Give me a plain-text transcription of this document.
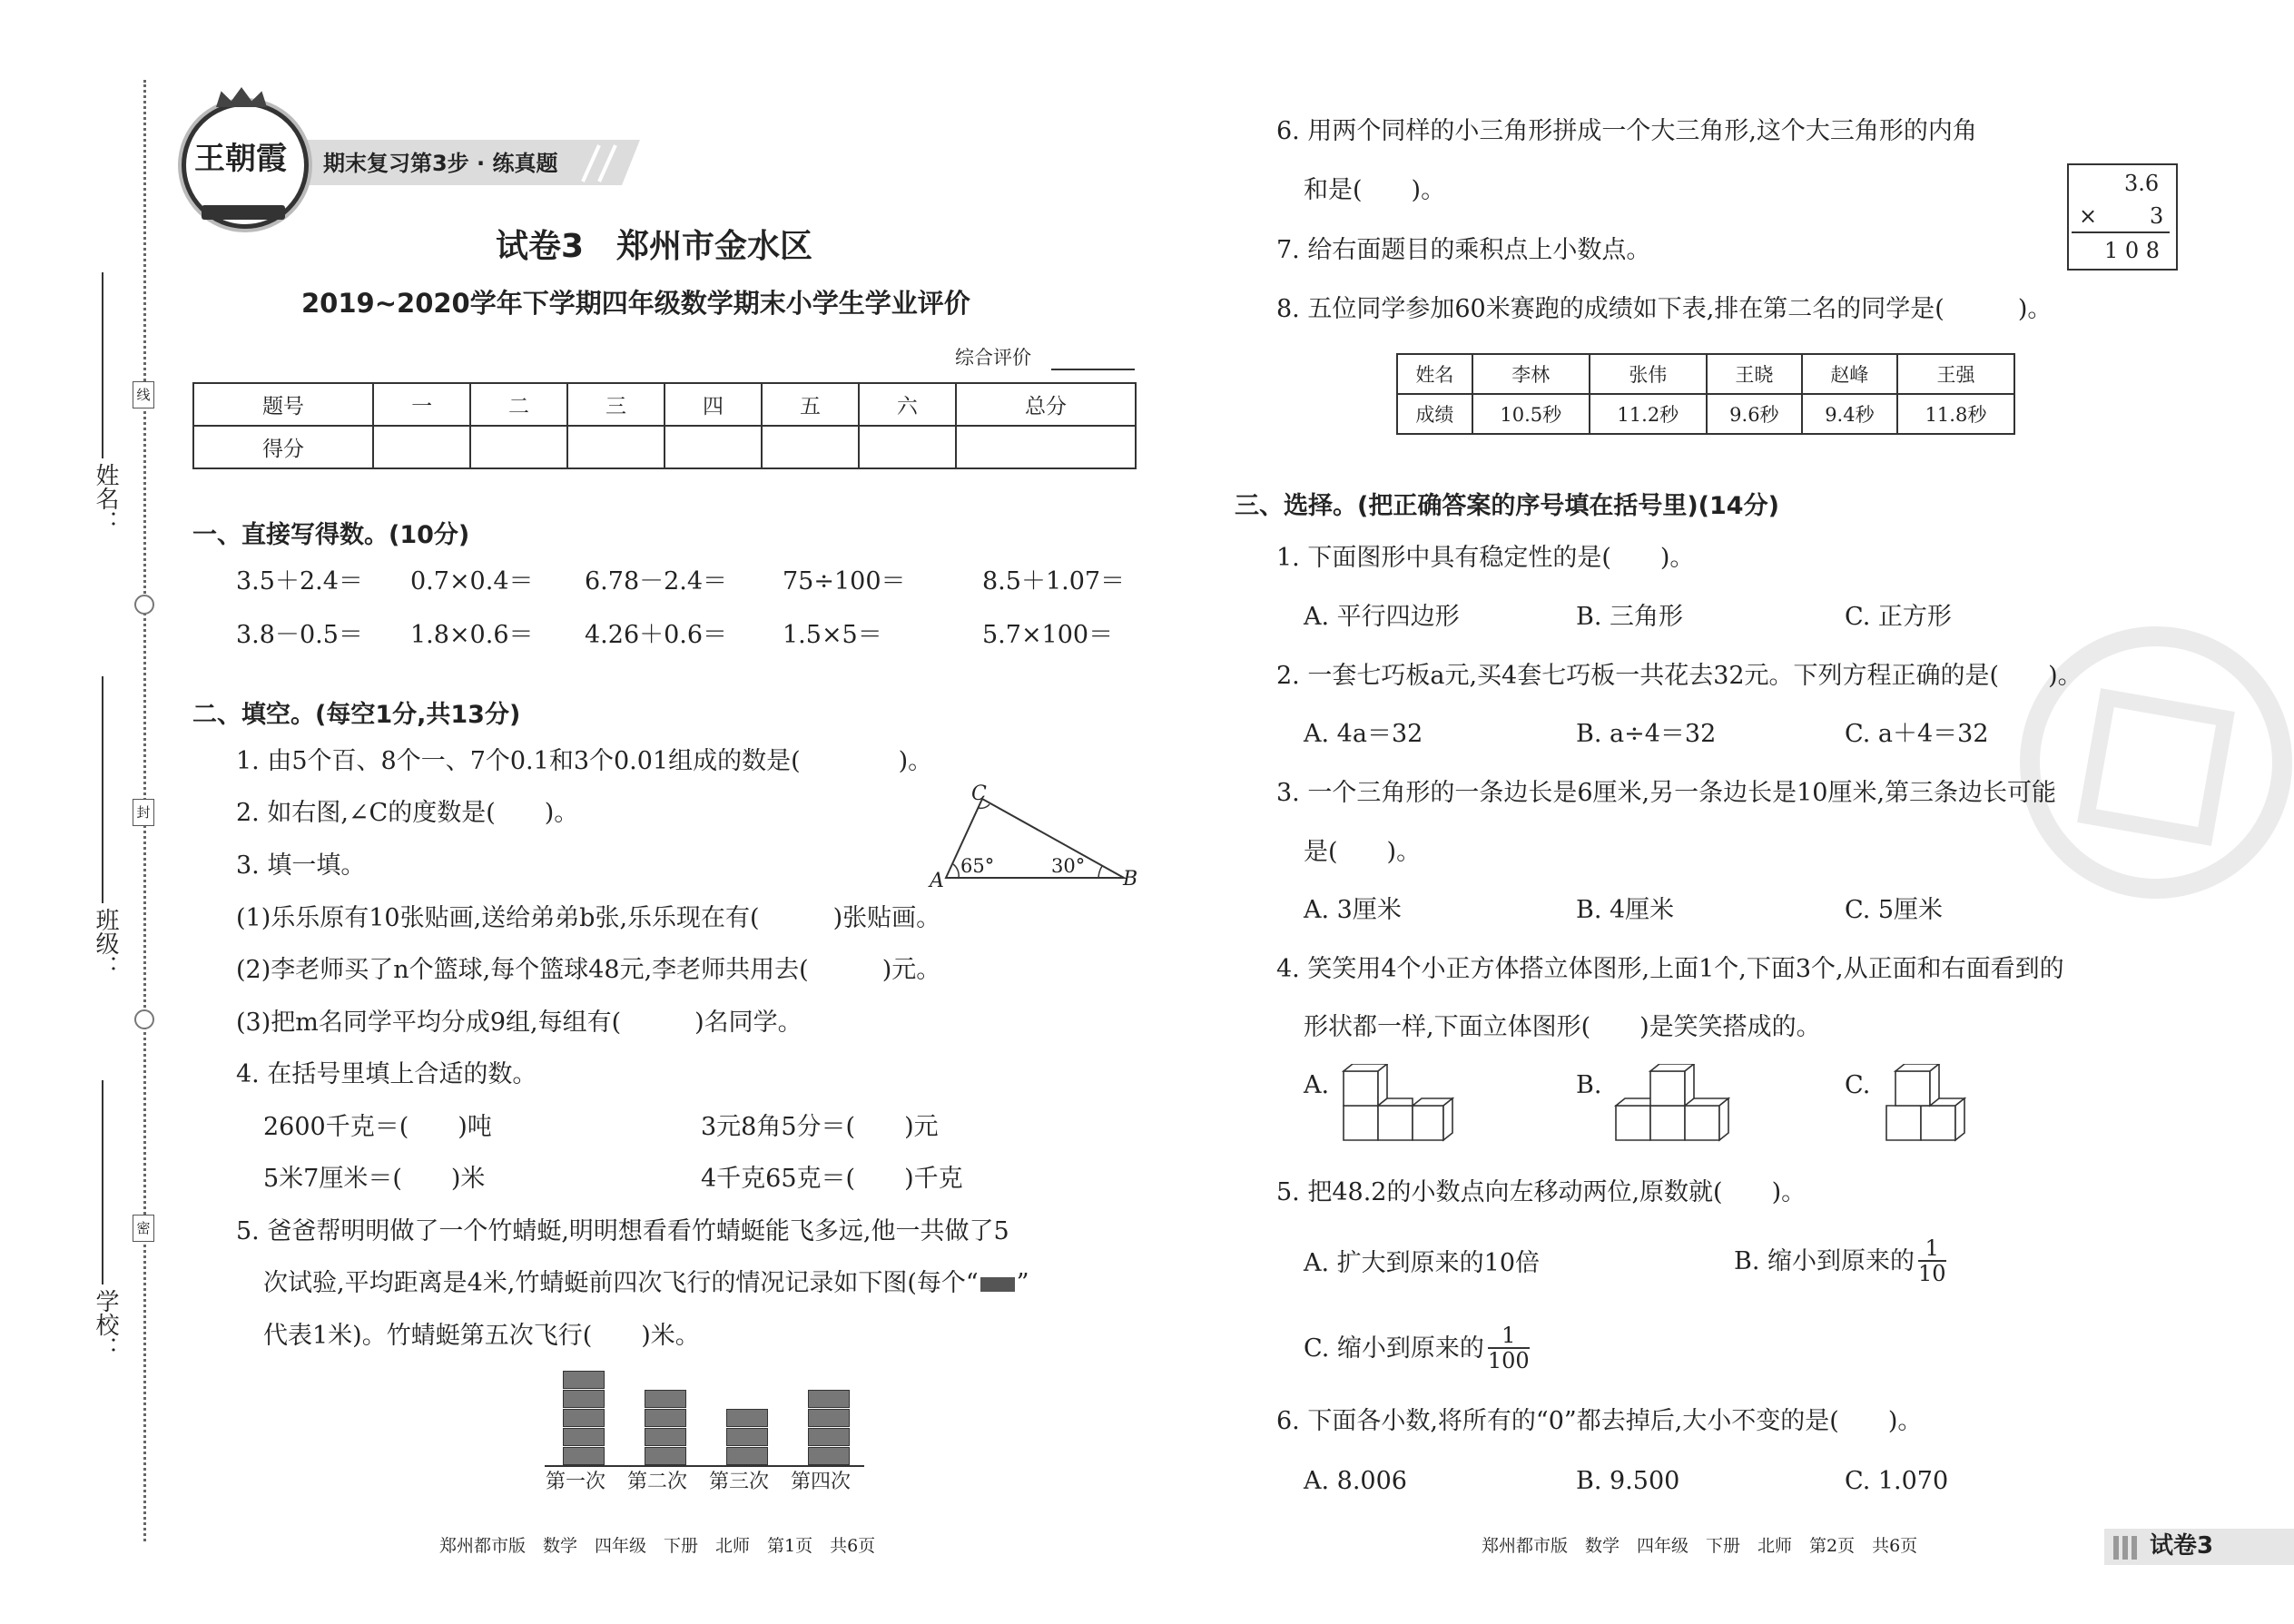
姓名：
班级：
学校：
线
封
密
期末复习第3步 · 练真题
王朝霞
试卷3　郑州市金水区
2019~2020学年下学期四年级数学期末小学生学业评价
综合评价
题号	一	二	三	四	五	六	总分
得分							
一、直接写得数。(10分)
3.5＋2.4＝ 0.7×0.4＝ 6.78－2.4＝ 75÷100＝	8.5＋1.07＝
3.8－0.5＝ 1.8×0.6＝ 4.26＋0.6＝ 1.5×5＝	5.7×100＝
二、填空。(每空1分,共13分)
1. 由5个百、8个一、7个0.1和3个0.01组成的数是(　　　　)。
2. 如右图,∠C的度数是(　　)。
3. 填一填。
(1)乐乐原有10张贴画,送给弟弟b张,乐乐现在有(　　　)张贴画。
(2)李老师买了n个篮球,每个篮球48元,李老师共用去(　　　)元。
(3)把m名同学平均分成9组,每组有(　　　)名同学。
4. 在括号里填上合适的数。
2600千克＝(　　)吨	3元8角5分＝(　　)元
5米7厘米＝(　　)米	4千克65克＝(　　)千克
5. 爸爸帮明明做了一个竹蜻蜓,明明想看看竹蜻蜓能飞多远,他一共做了5
次试验,平均距离是4米,竹蜻蜓前四次飞行的情况记录如下图(每个“ ”
代表1米)。竹蜻蜓第五次飞行(　　)米。
C
A	B
65°	30°
第一次 第二次 第三次 第四次
6. 用两个同样的小三角形拼成一个大三角形,这个大三角形的内角
和是(　　)。
7. 给右面题目的乘积点上小数点。
3.6
× 3
1 0 8
8. 五位同学参加60米赛跑的成绩如下表,排在第二名的同学是(　　　)。
姓名	李林	张伟	王晓	赵峰	王强
成绩	10.5秒	11.2秒	9.6秒	9.4秒	11.8秒
三、选择。(把正确答案的序号填在括号里)(14分)
1. 下面图形中具有稳定性的是(　　)。
A. 平行四边形	B. 三角形	C. 正方形
2. 一套七巧板a元,买4套七巧板一共花去32元。下列方程正确的是(　　)。
A. 4a＝32	B. a÷4＝32	C. a＋4＝32
3. 一个三角形的一条边长是6厘米,另一条边长是10厘米,第三条边长可能
是(　　)。
A. 3厘米	B. 4厘米	C. 5厘米
4. 笑笑用4个小正方体搭立体图形,上面1个,下面3个,从正面和右面看到的
形状都一样,下面立体图形(　　)是笑笑搭成的。
A.	B.	C.
5. 把48.2的小数点向左移动两位,原数就(　　)。
A. 扩大到原来的10倍	B. 缩小到原来的 $\frac{1}{10}$
C. 缩小到原来的 $\frac{1}{100}$
6. 下面各小数,将所有的“0”都去掉后,大小不变的是(　　)。
A. 8.006	B. 9.500	C. 1.070
郑州都市版　数学　四年级　下册　北师　第1页　共6页	郑州都市版　数学　四年级　下册　北师　第2页　共6页	试卷3
